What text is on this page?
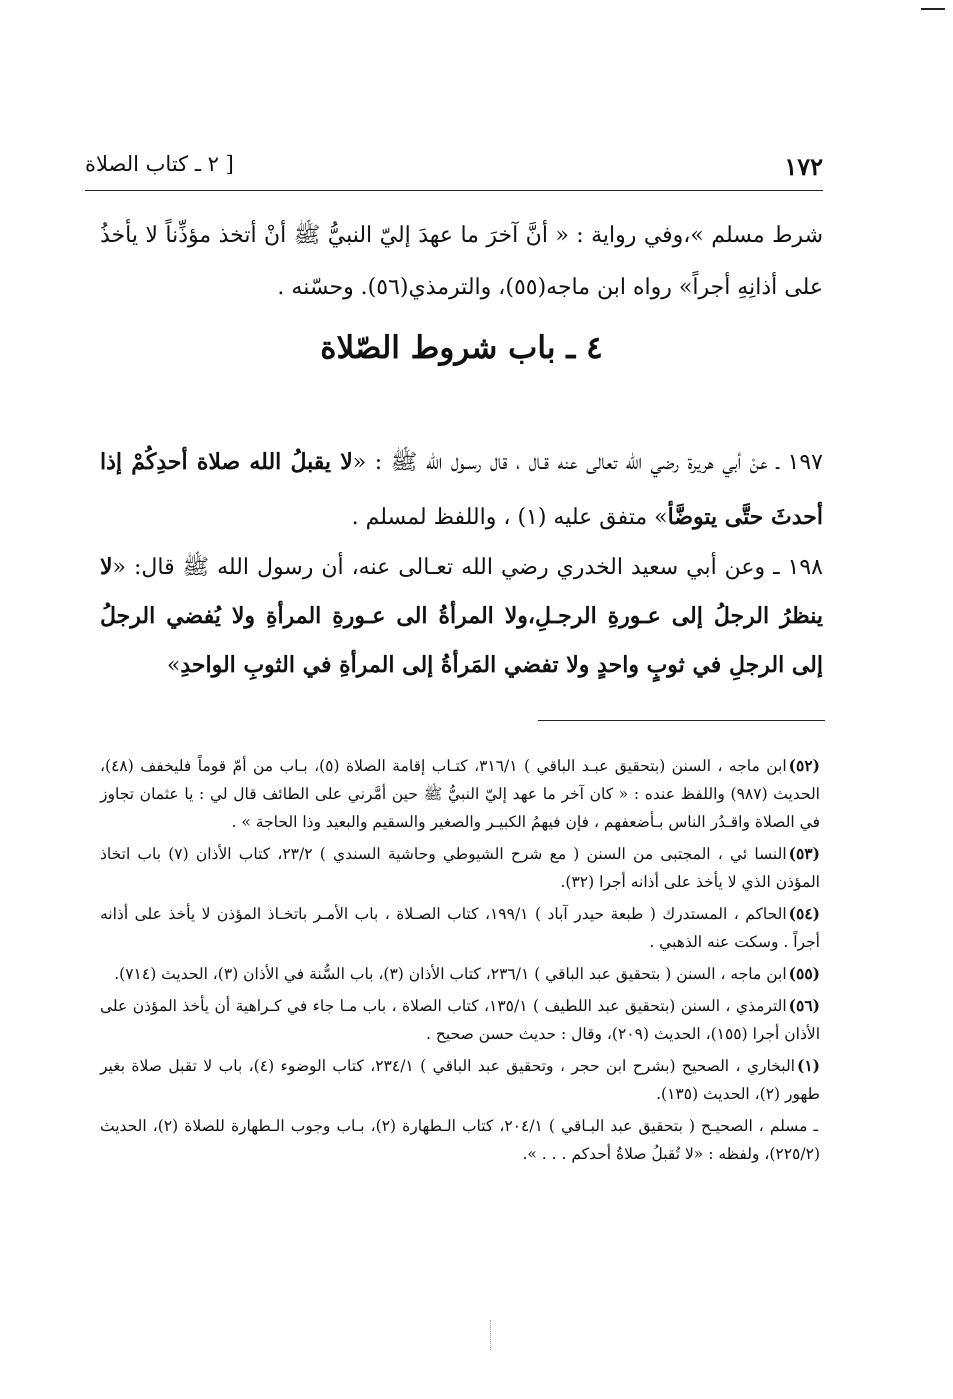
١٧٢
[ ٢ ـ كتاب الصلاة
شرط مسلم »،وفي رواية : « أنَّ آخرَ ما عهدَ إليّ النبيُّ ﷺ أنْ أتخذ مؤذِّناً لا يأخذُ على أذانِهِ أجراً» رواه ابن ماجه(٥٥)، والترمذي(٥٦). وحسّنه .
٤ ـ باب شروط الصّلاة
١٩٧ ـ عنْ أبي هريرة رضي الله تعالى عنه قـال ، قال رسـول الله ﷺ : «لا يقبلُ الله صلاة أحدِكُمْ إذا أحدثَ حتَّى يتوضَّأ» متفق عليه (١) ، واللفظ لمسلم .
١٩٨ ـ وعن أبي سعيد الخدري رضي الله تعـالى عنه، أن رسول الله ﷺ قال: «لا ينظرُ الرجلُ إلى عـورةِ الرجـلِ،ولا المرأةُ الى عـورةِ المرأةِ ولا يُفضي الرجلُ إلى الرجلِ في ثوبٍ واحدٍ ولا تفضي المَرأةُ إلى المرأةِ في الثوبِ الواحدِ»
(٥٢)ابن ماجه ، السنن (بتحقيق عبـد الباقي ) ٣١٦/١، كتـاب إقامة الصلاة (٥)، بـاب من أمّ قوماً فليخفف (٤٨)، الحديث (٩٨٧) واللفظ عنده : « كان آخر ما عهد إليّ النبيُّ ﷺ حين أمَّرني على الطائف قال لي : يا عثمان تجاوز في الصلاة واقـدُر الناس بـأضعفهم ، فإن فيهمُ الكبيـر والصغير والسقيم والبعيد وذا الحاجة » .
(٥٣)النسا ئي ، المجتبى من السنن ( مع شرح الشيوطي وحاشية السندي ) ٢٣/٢، كتاب الأذان (٧) باب اتخاذ المؤذن الذي لا يأخذ على أذانه أجرا (٣٢).
(٥٤)الحاكم ، المستدرك ( طبعة حيدر آباد ) ١٩٩/١، كتاب الصـلاة ، باب الأمـر باتخـاذ المؤذن لا يأخذ على أذانه أجراً . وسكت عنه الذهبي .
(٥٥)ابن ماجه ، السنن ( بتحقيق عبد الباقي ) ٢٣٦/١، كتاب الأذان (٣)، باب السُّنة في الأذان (٣)، الحديث (٧١٤).
(٥٦)الترمذي ، السنن (بتحقيق عبد اللطيف ) ١٣٥/١، كتاب الصلاة ، باب مـا جاء في كـراهية أن يأخذ المؤذن على الأذان أجرا (١٥٥)، الحديث (٢٠٩)، وقال : حديث حسن صحيح .
(١)البخاري ، الصحيح (بشرح ابن حجر ، وتحقيق عبد الباقي ) ٢٣٤/١، كتاب الوضوء (٤)، باب لا تقبل صلاة بغير طهور (٢)، الحديث (١٣٥).
ـ مسلم ، الصحيـح ( بتحقيق عبد البـاقي ) ٢٠٤/١، كتاب الـطهارة (٢)، بـاب وجوب الـطهارة للصلاة (٢)، الحديث (٢٢٥/٢)، ولفظه : «لا تُقبلُ صلاةُ أحدكم . . . ».
